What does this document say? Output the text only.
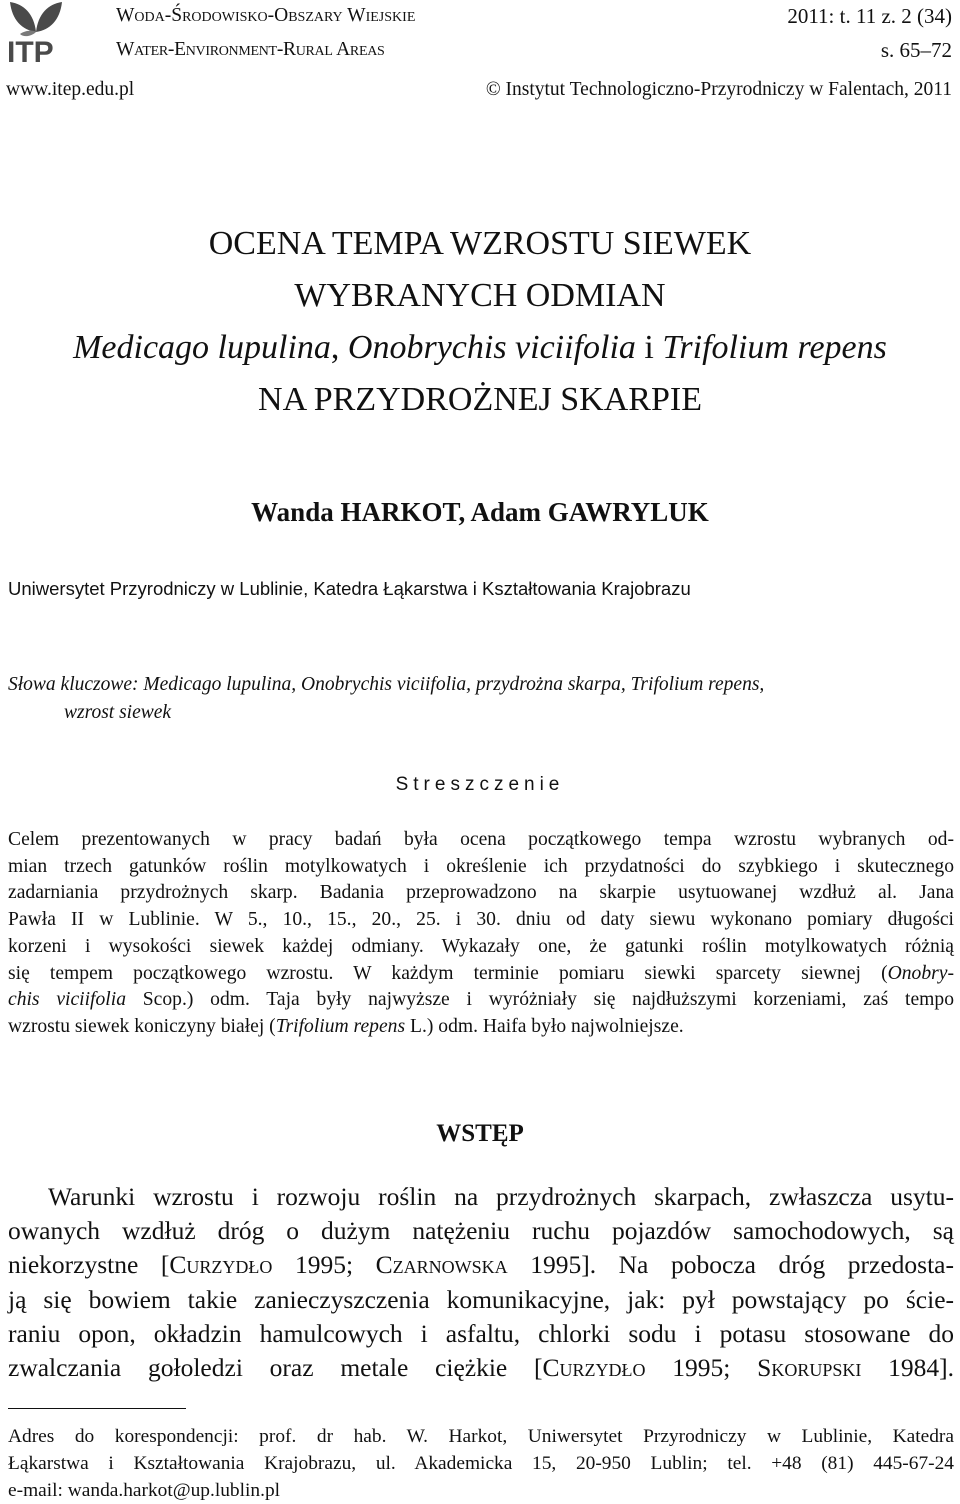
ITP
Woda-Środowisko-Obszary Wiejskie
Water-Environment-Rural Areas
2011: t. 11 z. 2 (34)
s. 65–72
www.itep.edu.pl	© Instytut Technologiczno-Przyrodniczy w Falentach, 2011
OCENA TEMPA WZROSTU SIEWEK
WYBRANYCH ODMIAN
Medicago lupulina, Onobrychis viciifolia i Trifolium repens
NA PRZYDROŻNEJ SKARPIE
Wanda HARKOT, Adam GAWRYLUK
Uniwersytet Przyrodniczy w Lublinie, Katedra Łąkarstwa i Kształtowania Krajobrazu
Słowa kluczowe: Medicago lupulina, Onobrychis viciifolia, przydrożna skarpa, Trifolium repens,
wzrost siewek
Streszczenie
Celem prezentowanych w pracy badań była ocena początkowego tempa wzrostu wybranych od-
mian trzech gatunków roślin motylkowatych i określenie ich przydatności do szybkiego i skutecznego
zadarniania przydrożnych skarp. Badania przeprowadzono na skarpie usytuowanej wzdłuż al. Jana
Pawła II w Lublinie. W 5., 10., 15., 20., 25. i 30. dniu od daty siewu wykonano pomiary długości
korzeni i wysokości siewek każdej odmiany. Wykazały one, że gatunki roślin motylkowatych różnią
się tempem początkowego wzrostu. W każdym terminie pomiaru siewki sparcety siewnej (Onobry-
chis viciifolia Scop.) odm. Taja były najwyższe i wyróżniały się najdłuższymi korzeniami, zaś tempo
wzrostu siewek koniczyny białej (Trifolium repens L.) odm. Haifa było najwolniejsze.
WSTĘP
Warunki wzrostu i rozwoju roślin na przydrożnych skarpach, zwłaszcza usytu-
owanych wzdłuż dróg o dużym natężeniu ruchu pojazdów samochodowych, są
niekorzystne [Curzydło 1995; Czarnowska 1995]. Na pobocza dróg przedosta-
ją się bowiem takie zanieczyszczenia komunikacyjne, jak: pył powstający po ście-
raniu opon, okładzin hamulcowych i asfaltu, chlorki sodu i potasu stosowane do
zwalczania gołoledzi oraz metale ciężkie [Curzydło 1995; Skorupski 1984].
Adres do korespondencji: prof. dr hab. W. Harkot, Uniwersytet Przyrodniczy w Lublinie, Katedra
Łąkarstwa i Kształtowania Krajobrazu, ul. Akademicka 15, 20-950 Lublin; tel. +48 (81) 445-67-24
e-mail: wanda.harkot@up.lublin.pl
